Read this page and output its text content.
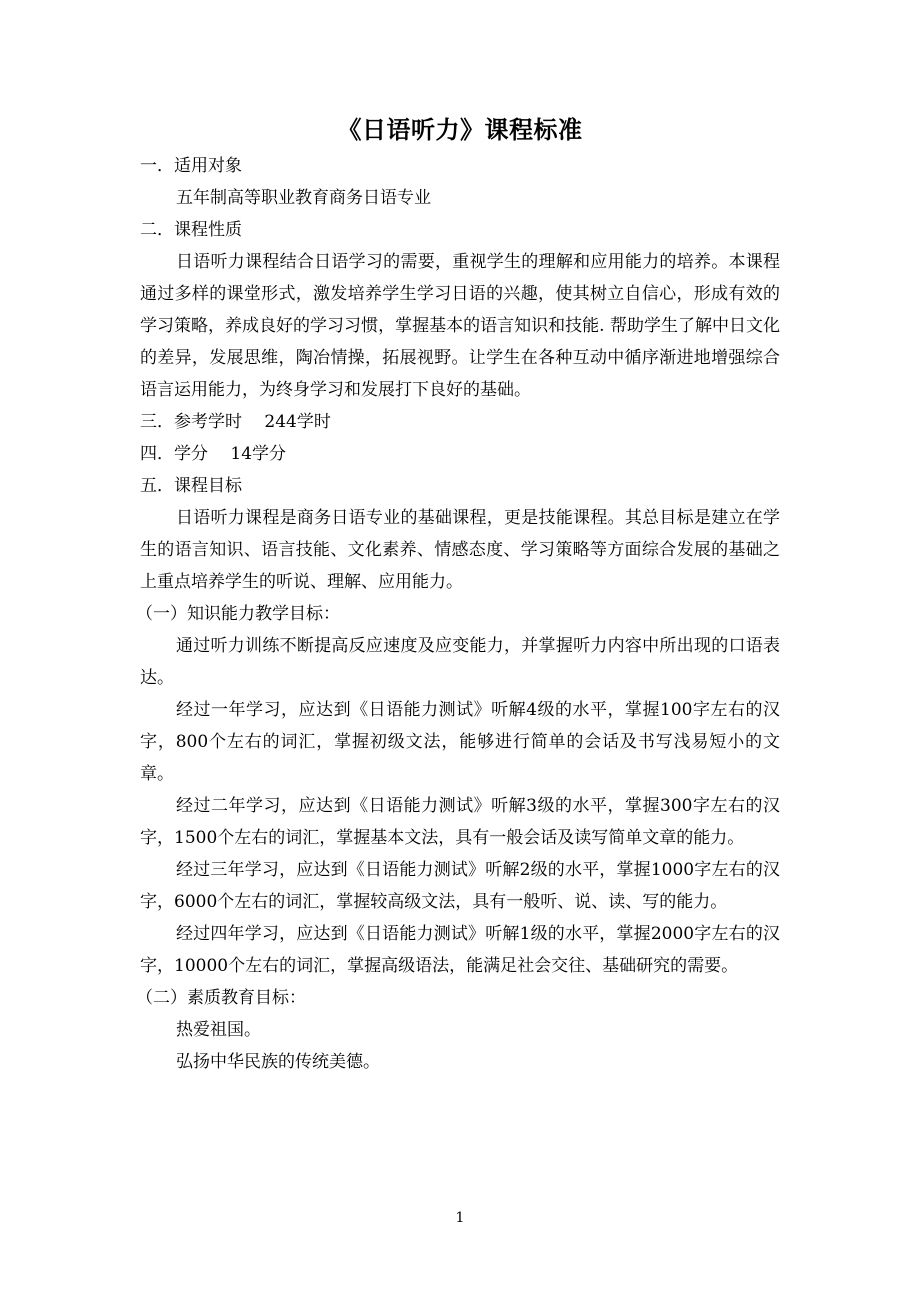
《日语听力》课程标准

一．适用对象

五年制高等职业教育商务日语专业

二．课程性质

日语听力课程结合日语学习的需要，重视学生的理解和应用能力的培养。本课程通过多样的课堂形式，激发培养学生学习日语的兴趣，使其树立自信心，形成有效的学习策略，养成良好的学习习惯，掌握基本的语言知识和技能. 帮助学生了解中日文化的差异，发展思维，陶冶情操，拓展视野。让学生在各种互动中循序渐进地增强综合语言运用能力，为终身学习和发展打下良好的基础。

三．参考学时　 244学时

四．学分　 14学分

五．课程目标

日语听力课程是商务日语专业的基础课程，更是技能课程。其总目标是建立在学生的语言知识、语言技能、文化素养、情感态度、学习策略等方面综合发展的基础之上重点培养学生的听说、理解、应用能力。

（一）知识能力教学目标：

通过听力训练不断提高反应速度及应变能力，并掌握听力内容中所出现的口语表达。

经过一年学习，应达到《日语能力测试》听解4级的水平，掌握100字左右的汉字，800个左右的词汇，掌握初级文法，能够进行简单的会话及书写浅易短小的文章。

经过二年学习，应达到《日语能力测试》听解3级的水平，掌握300字左右的汉字，1500个左右的词汇，掌握基本文法，具有一般会话及读写简单文章的能力。

经过三年学习，应达到《日语能力测试》听解2级的水平，掌握1000字左右的汉字，6000个左右的词汇，掌握较高级文法，具有一般听、说、读、写的能力。

经过四年学习，应达到《日语能力测试》听解1级的水平，掌握2000字左右的汉字，10000个左右的词汇，掌握高级语法，能满足社会交往、基础研究的需要。

（二）素质教育目标：

热爱祖国。

弘扬中华民族的传统美德。

1
